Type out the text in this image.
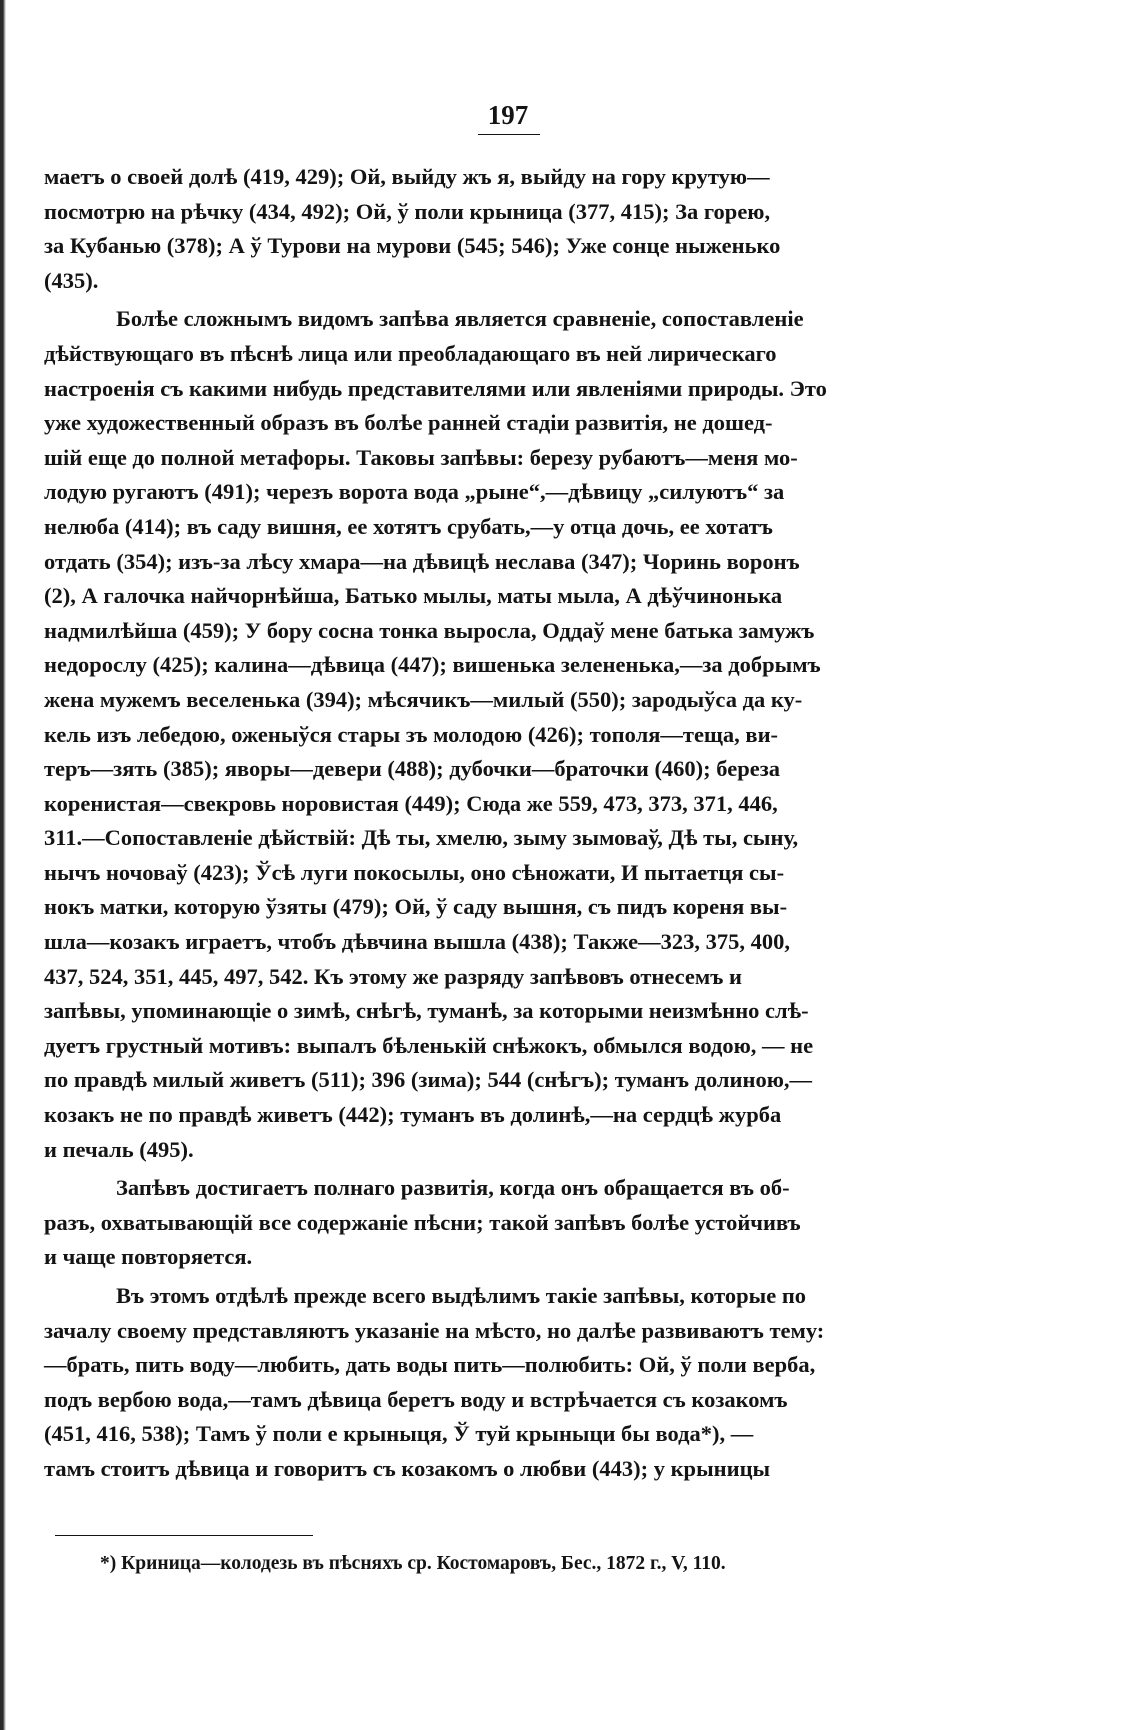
197
маетъ о своей долѣ (419, 429); Ой, выйду жъ я, выйду на гору крутую—
посмотрю на рѣчку (434, 492); Ой, ў поли крыница (377, 415); За горею,
за Кубанью (378); А ў Турови на мурови (545; 546); Уже сонце ныженько
(435).
Болѣе сложнымъ видомъ запѣва является сравненіе, сопоставленіе
дѣйствующаго въ пѣснѣ лица или преобладающаго въ ней лирическаго
настроенія съ какими нибудь представителями или явленіями природы. Это
уже художественный образъ въ болѣе ранней стадіи развитія, не дошед-
шій еще до полной метафоры. Таковы запѣвы: березу рубаютъ—меня мо-
лодую ругаютъ (491); черезъ ворота вода „рыне“,—дѣвицу „силуютъ“ за
нелюба (414); въ саду вишня, ее хотятъ срубать,—у отца дочь, ее хотатъ
отдать (354); изъ-за лѣсу хмара—на дѣвицѣ неслава (347); Чоринь воронъ
(2), А галочка найчорнѣйша, Батько мылы, маты мыла, А дѣўчинонька
надмилѣйша (459); У бору сосна тонка выросла, Оддаў мене батька замужъ
недорослу (425); калина—дѣвица (447); вишенька зелененька,—за добрымъ
жена мужемъ веселенька (394); мѣсячикъ—милый (550); зародыўса да ку-
кель изъ лебедою, оженыўся стары зъ молодою (426); тополя—теща, ви-
теръ—зять (385); яворы—девери (488); дубочки—браточки (460); береза
коренистая—свекровь норовистая (449); Сюда же 559, 473, 373, 371, 446,
311.—Сопоставленіе дѣйствій: Дѣ ты, хмелю, зыму зымоваў, Дѣ ты, сыну,
нычъ ночоваў (423); Ўсѣ луги покосылы, оно сѣножати, И пытаетця сы-
нокъ матки, которую ўзяты (479); Ой, ў саду вышня, съ пидъ кореня вы-
шла—козакъ играетъ, чтобъ дѣвчина вышла (438); Также—323, 375, 400,
437, 524, 351, 445, 497, 542. Къ этому же разряду запѣвовъ отнесемъ и
запѣвы, упоминающіе о зимѣ, снѣгѣ, туманѣ, за которыми неизмѣнно слѣ-
дуетъ грустный мотивъ: выпалъ бѣленькій снѣжокъ, обмылся водою, — не
по правдѣ милый живетъ (511); 396 (зима); 544 (снѣгъ); туманъ долиною,—
козакъ не по правдѣ живетъ (442); туманъ въ долинѣ,—на сердцѣ журба
и печаль (495).
Запѣвъ достигаетъ полнаго развитія, когда онъ обращается въ об-
разъ, охватывающій все содержаніе пѣсни; такой запѣвъ болѣе устойчивъ
и чаще повторяется.
Въ этомъ отдѣлѣ прежде всего выдѣлимъ такіе запѣвы, которые по
зачалу своему представляютъ указаніе на мѣсто, но далѣе развиваютъ тему:
—брать, пить воду—любить, дать воды пить—полюбить: Ой, ў поли верба,
подъ вербою вода,—тамъ дѣвица беретъ воду и встрѣчается съ козакомъ
(451, 416, 538); Тамъ ў поли е крыныця, Ў туй крыныци бы вода*), —
тамъ стоитъ дѣвица и говоритъ съ козакомъ о любви (443); у крыницы
*) Криница—колодезь въ пѣсняхъ ср. Костомаровъ, Бес., 1872 г., V, 110.
